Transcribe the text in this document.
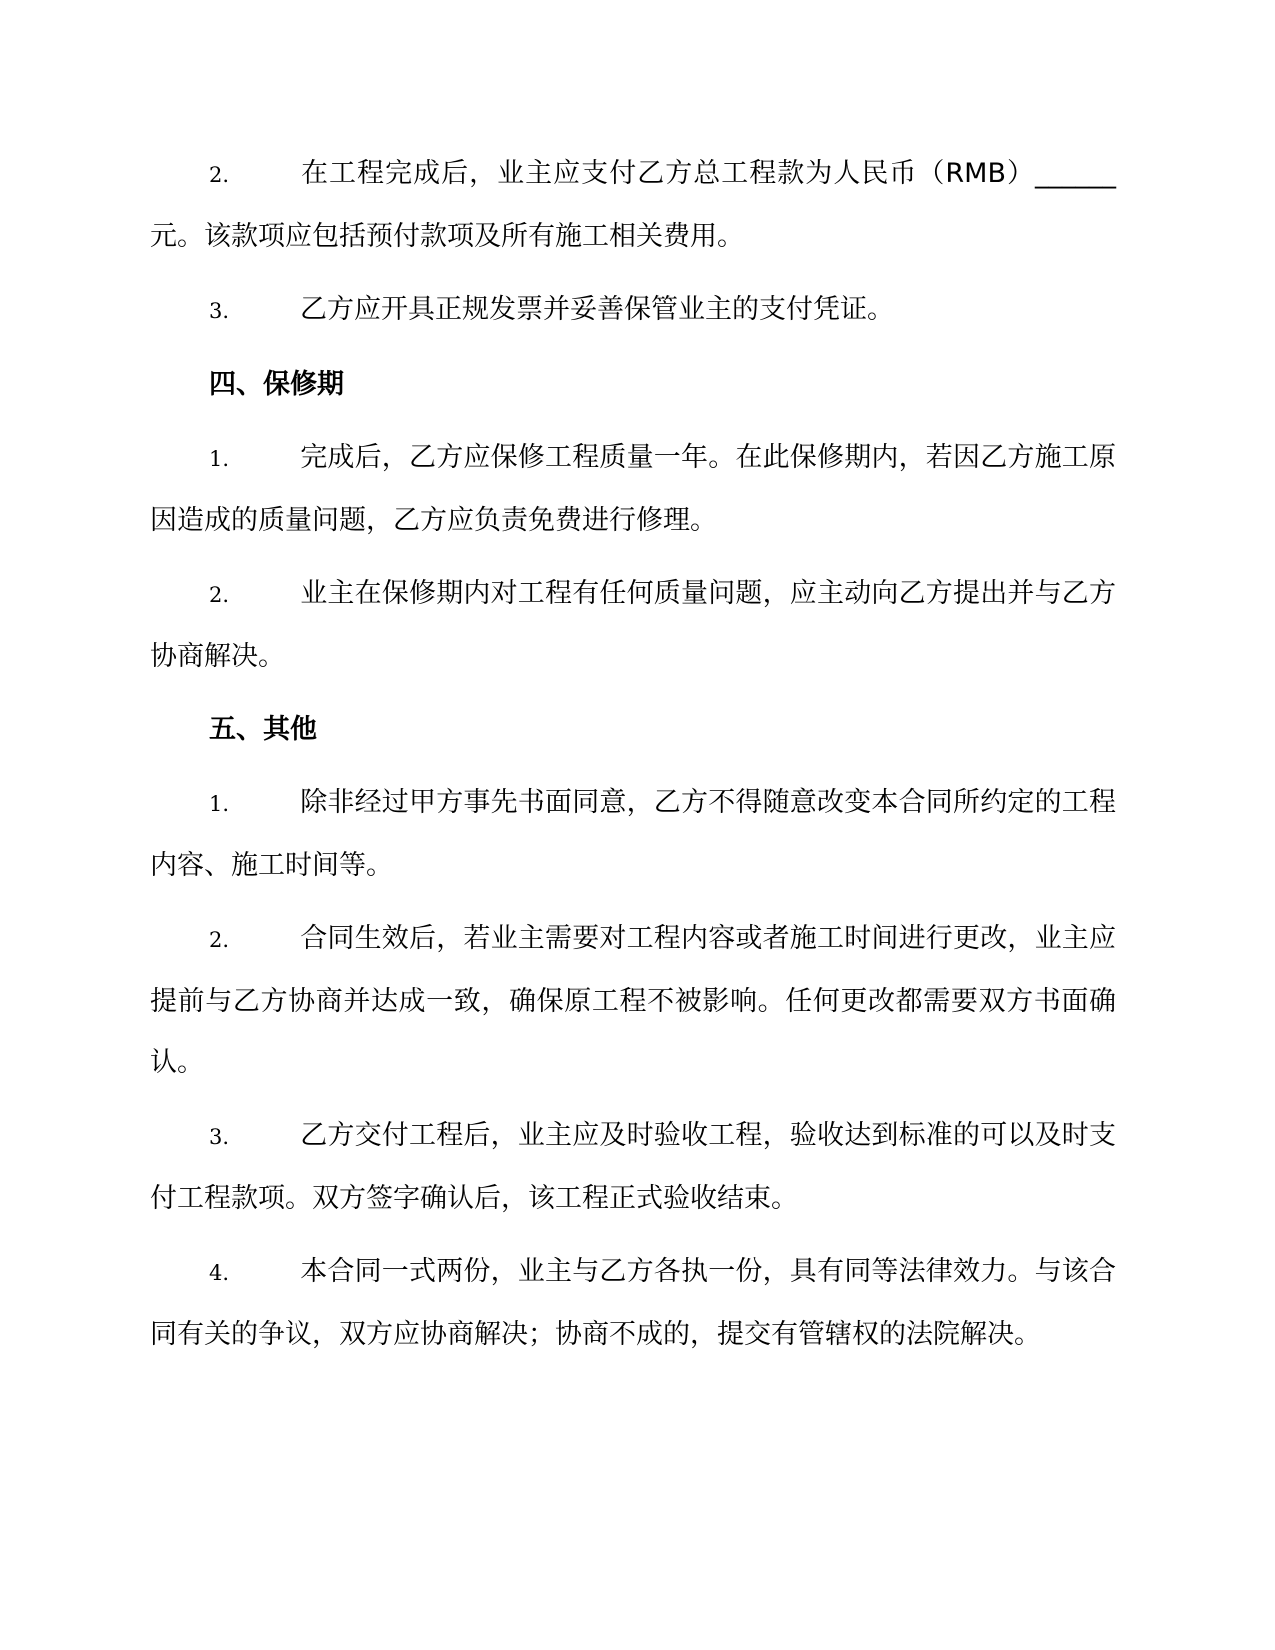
2.	在工程完成后，业主应支付乙方总工程款为人民币（RMB）______元。该款项应包括预付款项及所有施工相关费用。

3.	乙方应开具正规发票并妥善保管业主的支付凭证。

四、保修期

1.	完成后，乙方应保修工程质量一年。在此保修期内，若因乙方施工原因造成的质量问题，乙方应负责免费进行修理。

2.	业主在保修期内对工程有任何质量问题，应主动向乙方提出并与乙方协商解决。

五、其他

1.	除非经过甲方事先书面同意，乙方不得随意改变本合同所约定的工程内容、施工时间等。

2.	合同生效后，若业主需要对工程内容或者施工时间进行更改，业主应提前与乙方协商并达成一致，确保原工程不被影响。任何更改都需要双方书面确认。

3.	乙方交付工程后，业主应及时验收工程，验收达到标准的可以及时支付工程款项。双方签字确认后，该工程正式验收结束。

4.	本合同一式两份，业主与乙方各执一份，具有同等法律效力。与该合同有关的争议，双方应协商解决；协商不成的，提交有管辖权的法院解决。
